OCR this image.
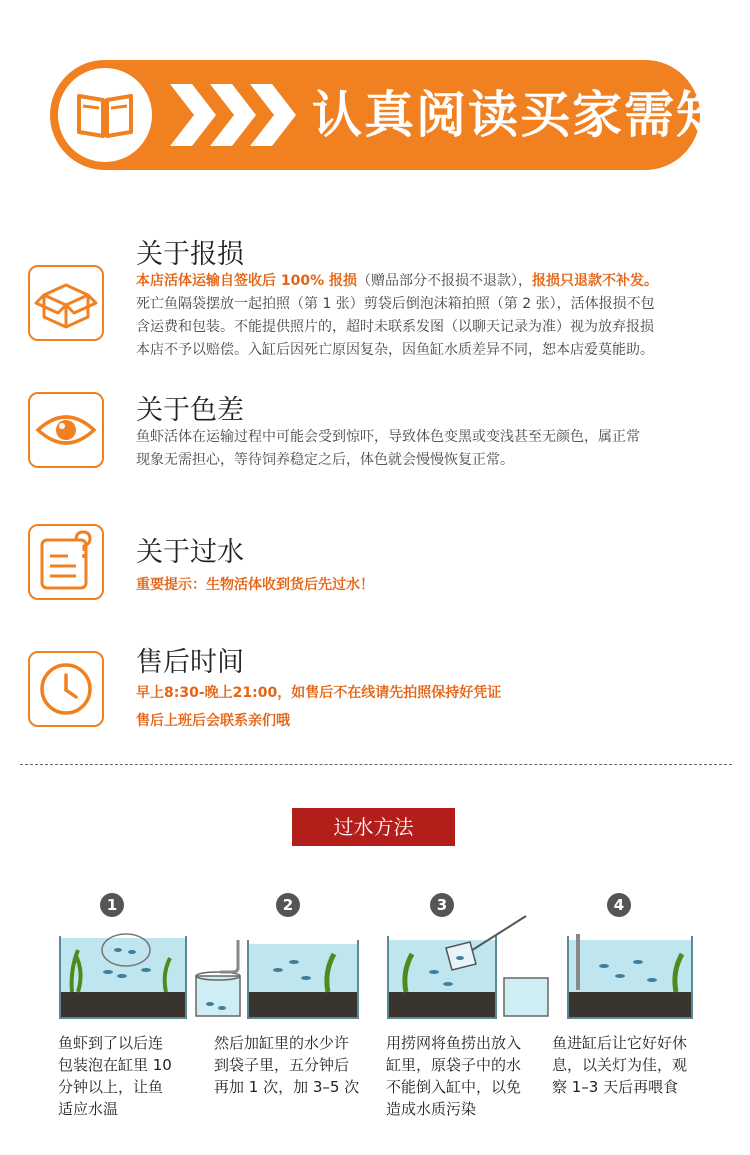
认真阅读买家需知
关于报损
本店活体运输自签收后 100% 报损（赠品部分不报损不退款），报损只退款不补发。
死亡鱼隔袋摆放一起拍照（第 1 张）剪袋后倒泡沫箱拍照（第 2 张），活体报损不包
含运费和包装。不能提供照片的，超时未联系发图（以聊天记录为准）视为放弃报损
本店不予以赔偿。入缸后因死亡原因复杂，因鱼缸水质差异不同，恕本店爱莫能助。
关于色差
鱼虾活体在运输过程中可能会受到惊吓，导致体色变黑或变浅甚至无颜色，属正常
现象无需担心，等待饲养稳定之后，体色就会慢慢恢复正常。
关于过水
重要提示：生物活体收到货后先过水！
售后时间
早上8:30-晚上21:00，如售后不在线请先拍照保持好凭证
售后上班后会联系亲们哦
过水方法
1	2	3	4
鱼虾到了以后连
包装泡在缸里 10
分钟以上，让鱼
适应水温
然后加缸里的水少许
到袋子里，五分钟后
再加 1 次，加 3–5 次
用捞网将鱼捞出放入
缸里，原袋子中的水
不能倒入缸中，以免
造成水质污染
鱼进缸后让它好好休
息，以关灯为佳，观
察 1–3 天后再喂食
